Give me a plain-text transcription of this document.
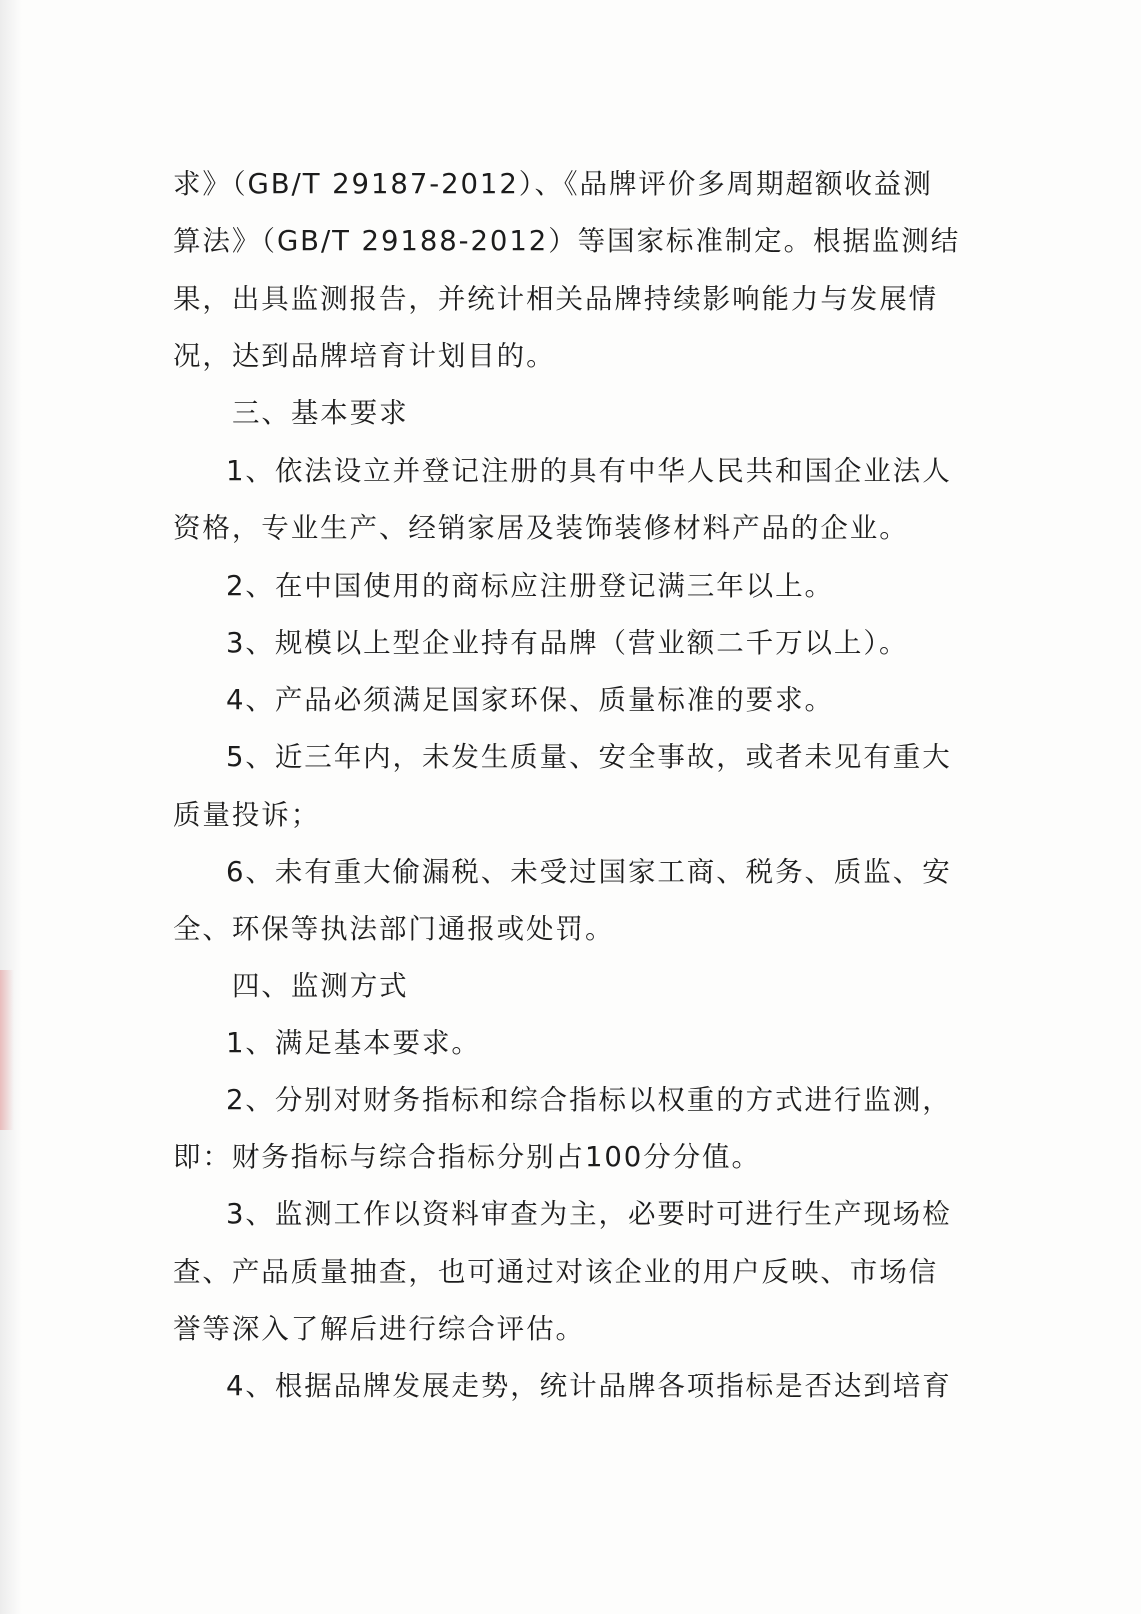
求》（GB/T 29187-2012）、《品牌评价多周期超额收益测

算法》（GB/T 29188-2012）等国家标准制定。根据监测结

果，出具监测报告，并统计相关品牌持续影响能力与发展情

况，达到品牌培育计划目的。

三、基本要求

1、依法设立并登记注册的具有中华人民共和国企业法人

资格，专业生产、经销家居及装饰装修材料产品的企业。

2、在中国使用的商标应注册登记满三年以上。

3、规模以上型企业持有品牌（营业额二千万以上）。

4、产品必须满足国家环保、质量标准的要求。

5、近三年内，未发生质量、安全事故，或者未见有重大

质量投诉；

6、未有重大偷漏税、未受过国家工商、税务、质监、安

全、环保等执法部门通报或处罚。

四、监测方式

1、满足基本要求。

2、分别对财务指标和综合指标以权重的方式进行监测，

即：财务指标与综合指标分别占100分分值。

3、监测工作以资料审查为主，必要时可进行生产现场检

查、产品质量抽查，也可通过对该企业的用户反映、市场信

誉等深入了解后进行综合评估。

4、根据品牌发展走势，统计品牌各项指标是否达到培育
